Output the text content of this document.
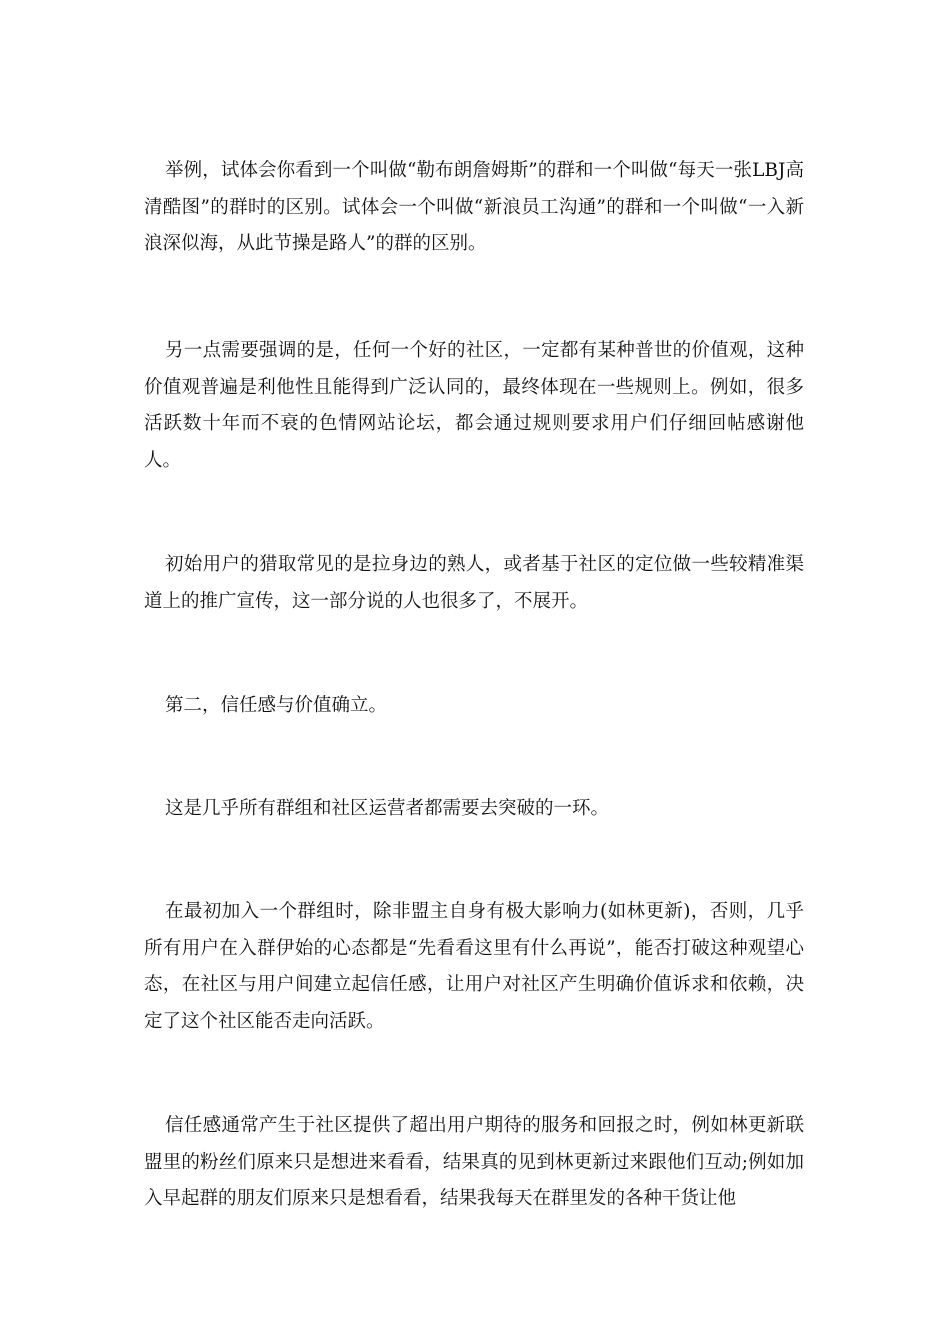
举例，试体会你看到一个叫做“勒布朗詹姆斯”的群和一个叫做“每天一张LBJ高清酷图”的群时的区别。试体会一个叫做“新浪员工沟通”的群和一个叫做“一入新浪深似海，从此节操是路人”的群的区别。

另一点需要强调的是，任何一个好的社区，一定都有某种普世的价值观，这种价值观普遍是利他性且能得到广泛认同的，最终体现在一些规则上。例如，很多活跃数十年而不衰的色情网站论坛，都会通过规则要求用户们仔细回帖感谢他人。

初始用户的猎取常见的是拉身边的熟人，或者基于社区的定位做一些较精准渠道上的推广宣传，这一部分说的人也很多了，不展开。

第二，信任感与价值确立。

这是几乎所有群组和社区运营者都需要去突破的一环。

在最初加入一个群组时，除非盟主自身有极大影响力(如林更新)，否则，几乎所有用户在入群伊始的心态都是“先看看这里有什么再说”，能否打破这种观望心态，在社区与用户间建立起信任感，让用户对社区产生明确价值诉求和依赖，决定了这个社区能否走向活跃。

信任感通常产生于社区提供了超出用户期待的服务和回报之时，例如林更新联盟里的粉丝们原来只是想进来看看，结果真的见到林更新过来跟他们互动;例如加入早起群的朋友们原来只是想看看，结果我每天在群里发的各种干货让他
